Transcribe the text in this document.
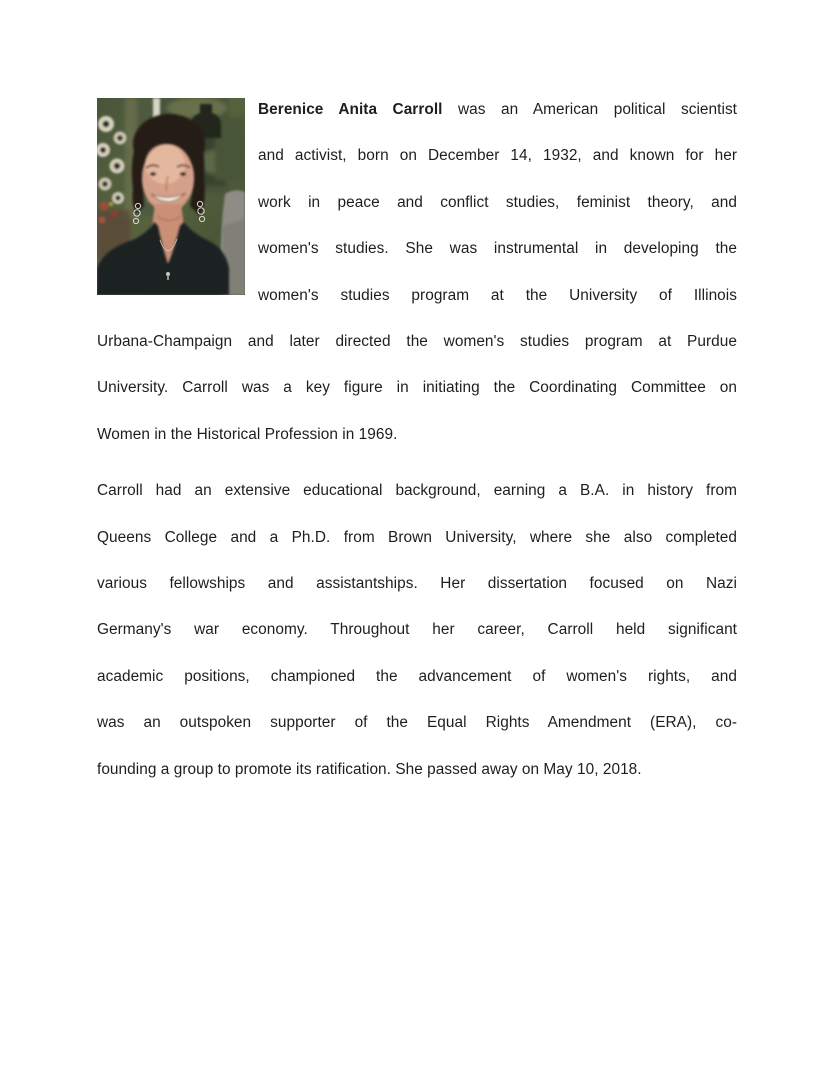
Berenice Anita Carroll was an American political scientist
and activist, born on December 14, 1932, and known for her
work in peace and conflict studies, feminist theory, and
women's studies. She was instrumental in developing the
women's studies program at the University of Illinois
Urbana-Champaign and later directed the women's studies program at Purdue
University. Carroll was a key figure in initiating the Coordinating Committee on
Women in the Historical Profession in 1969.
Carroll had an extensive educational background, earning a B.A. in history from
Queens College and a Ph.D. from Brown University, where she also completed
various fellowships and assistantships. Her dissertation focused on Nazi
Germany's war economy. Throughout her career, Carroll held significant
academic positions, championed the advancement of women's rights, and
was an outspoken supporter of the Equal Rights Amendment (ERA), co-
founding a group to promote its ratification. She passed away on May 10, 2018.
